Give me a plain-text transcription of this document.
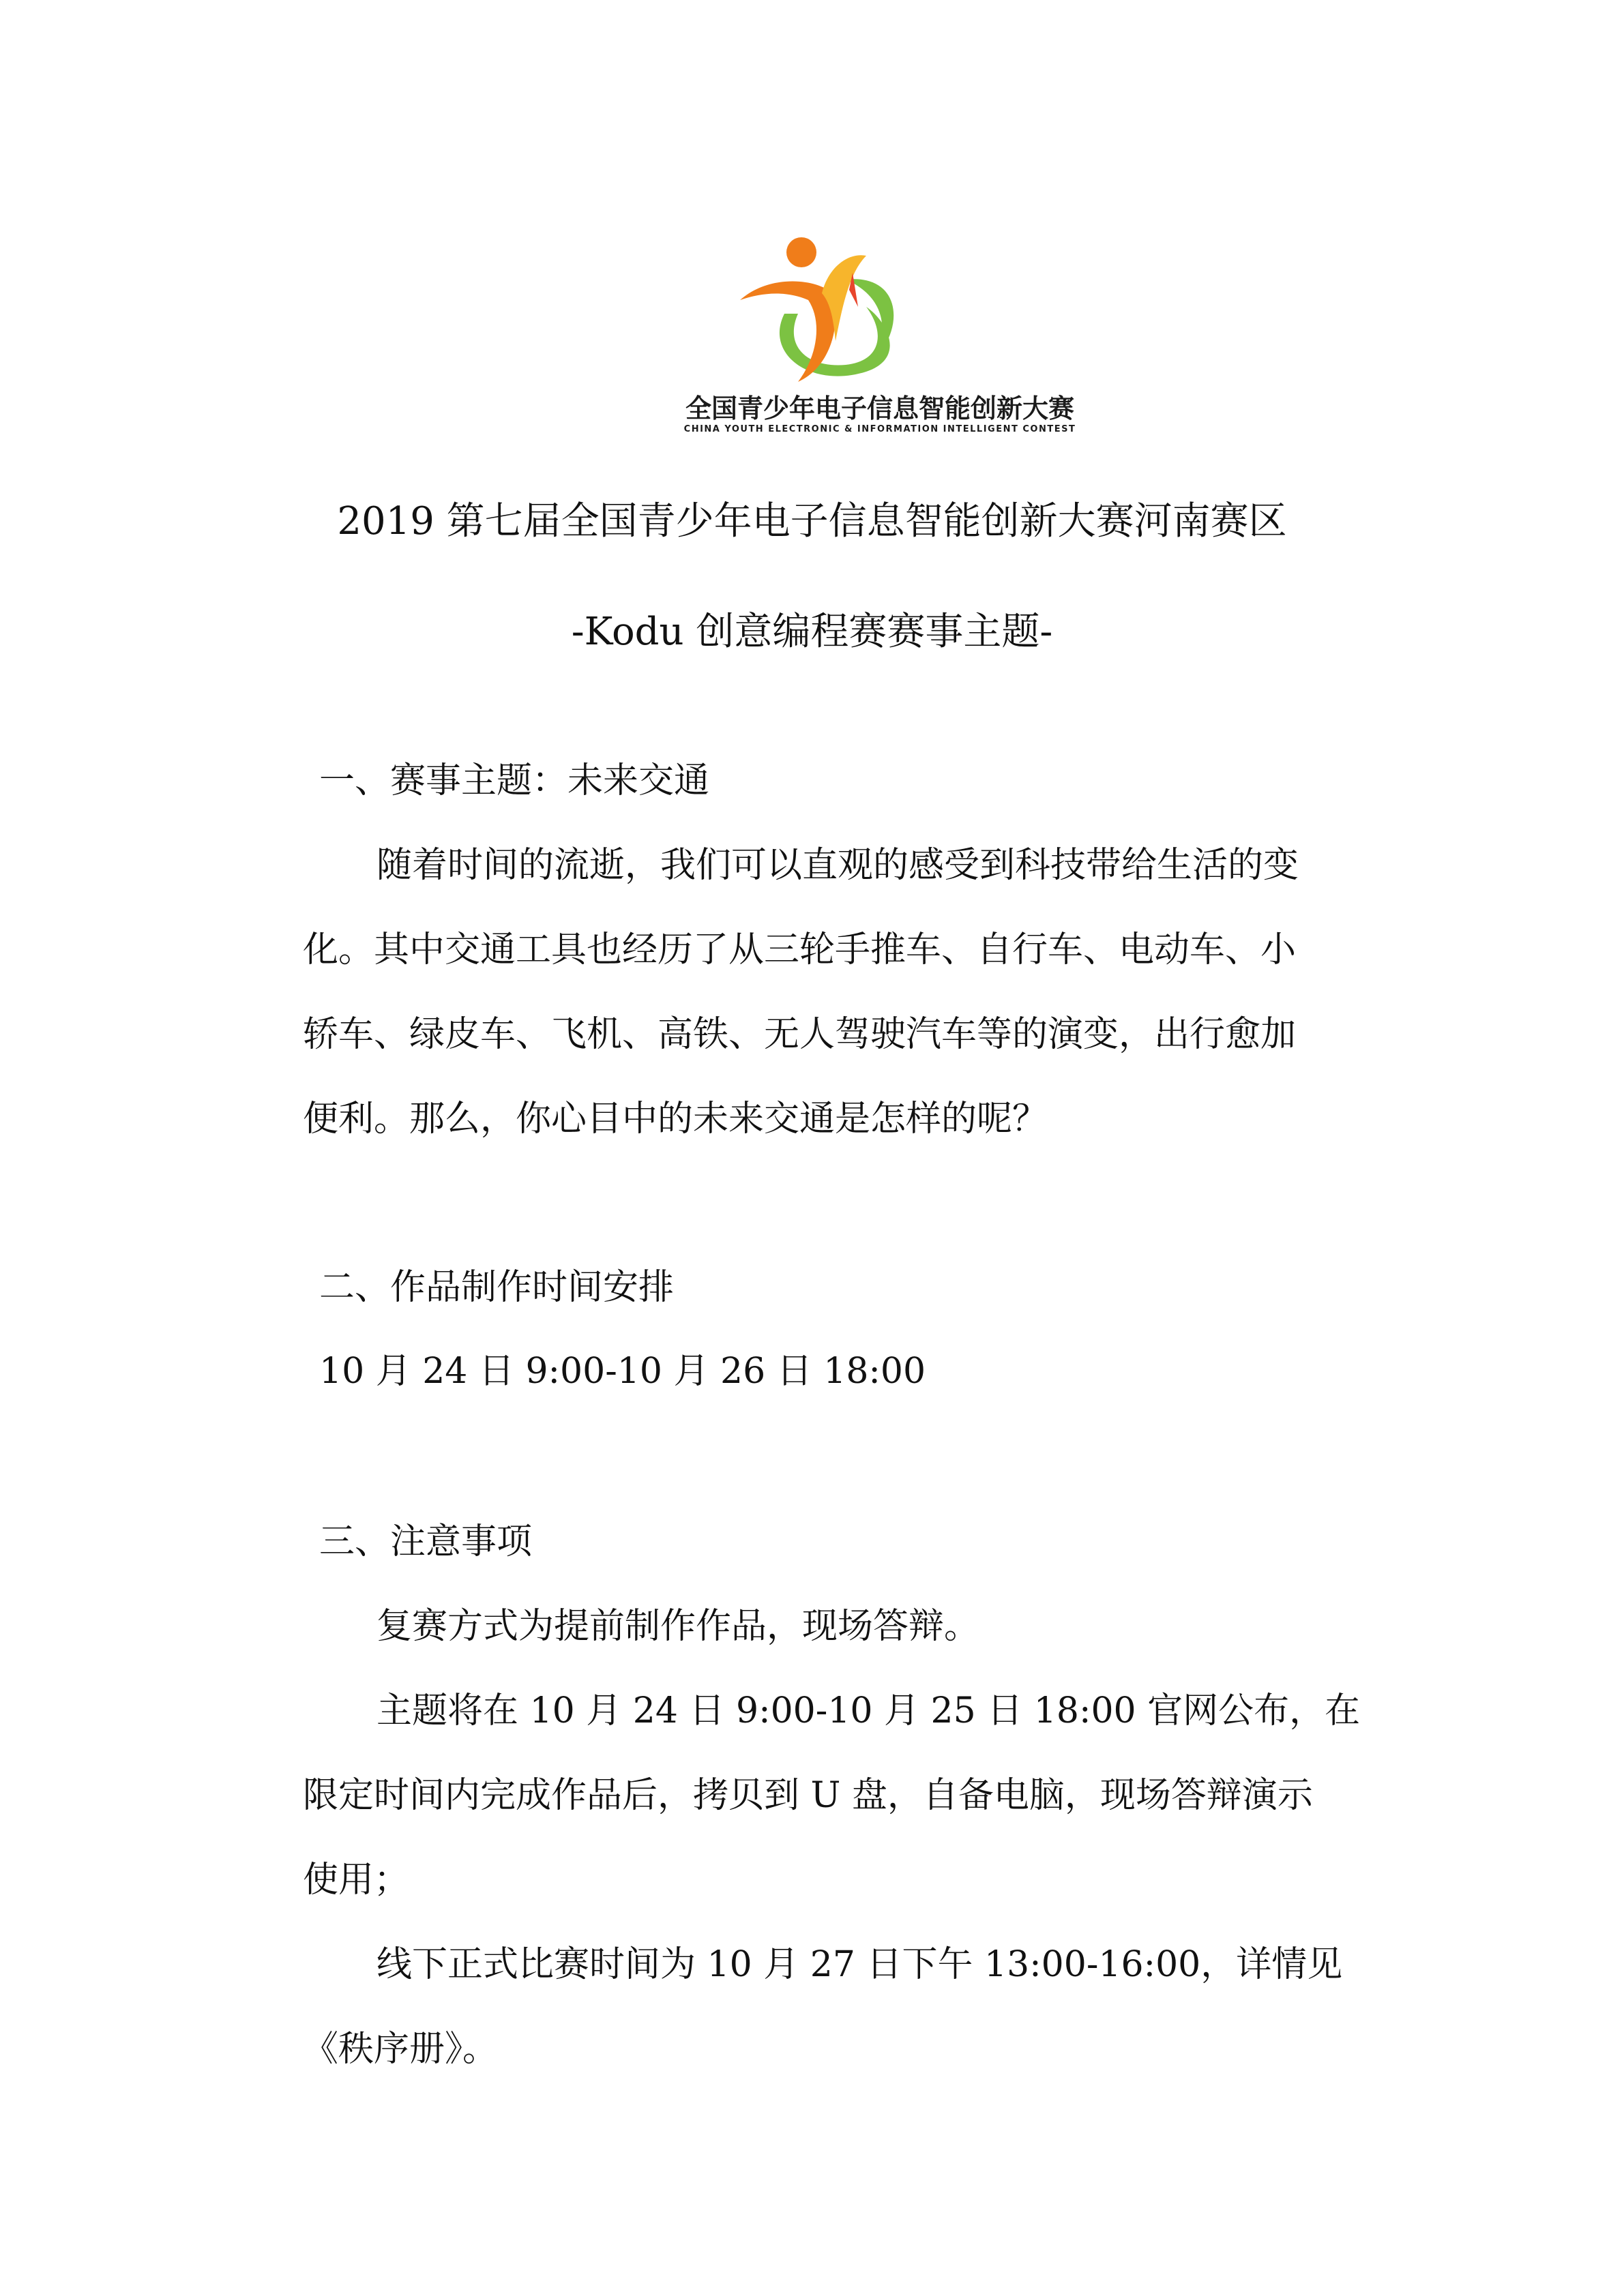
全国青少年电子信息智能创新大赛
CHINA YOUTH ELECTRONIC & INFORMATION INTELLIGENT CONTEST
2019 第七届全国青少年电子信息智能创新大赛河南赛区
-Kodu 创意编程赛赛事主题-
一、赛事主题：未来交通
随着时间的流逝，我们可以直观的感受到科技带给生活的变
化。其中交通工具也经历了从三轮手推车、自行车、电动车、小
轿车、绿皮车、飞机、高铁、无人驾驶汽车等的演变，出行愈加
便利。那么，你心目中的未来交通是怎样的呢？
二、作品制作时间安排
10 月 24 日 9:00-10 月 26 日 18:00
三、注意事项
复赛方式为提前制作作品，现场答辩。
主题将在 10 月 24 日 9:00-10 月 25 日 18:00 官网公布，在
限定时间内完成作品后，拷贝到 U 盘，自备电脑，现场答辩演示
使用；
线下正式比赛时间为 10 月 27 日下午 13:00-16:00，详情见
《秩序册》。
